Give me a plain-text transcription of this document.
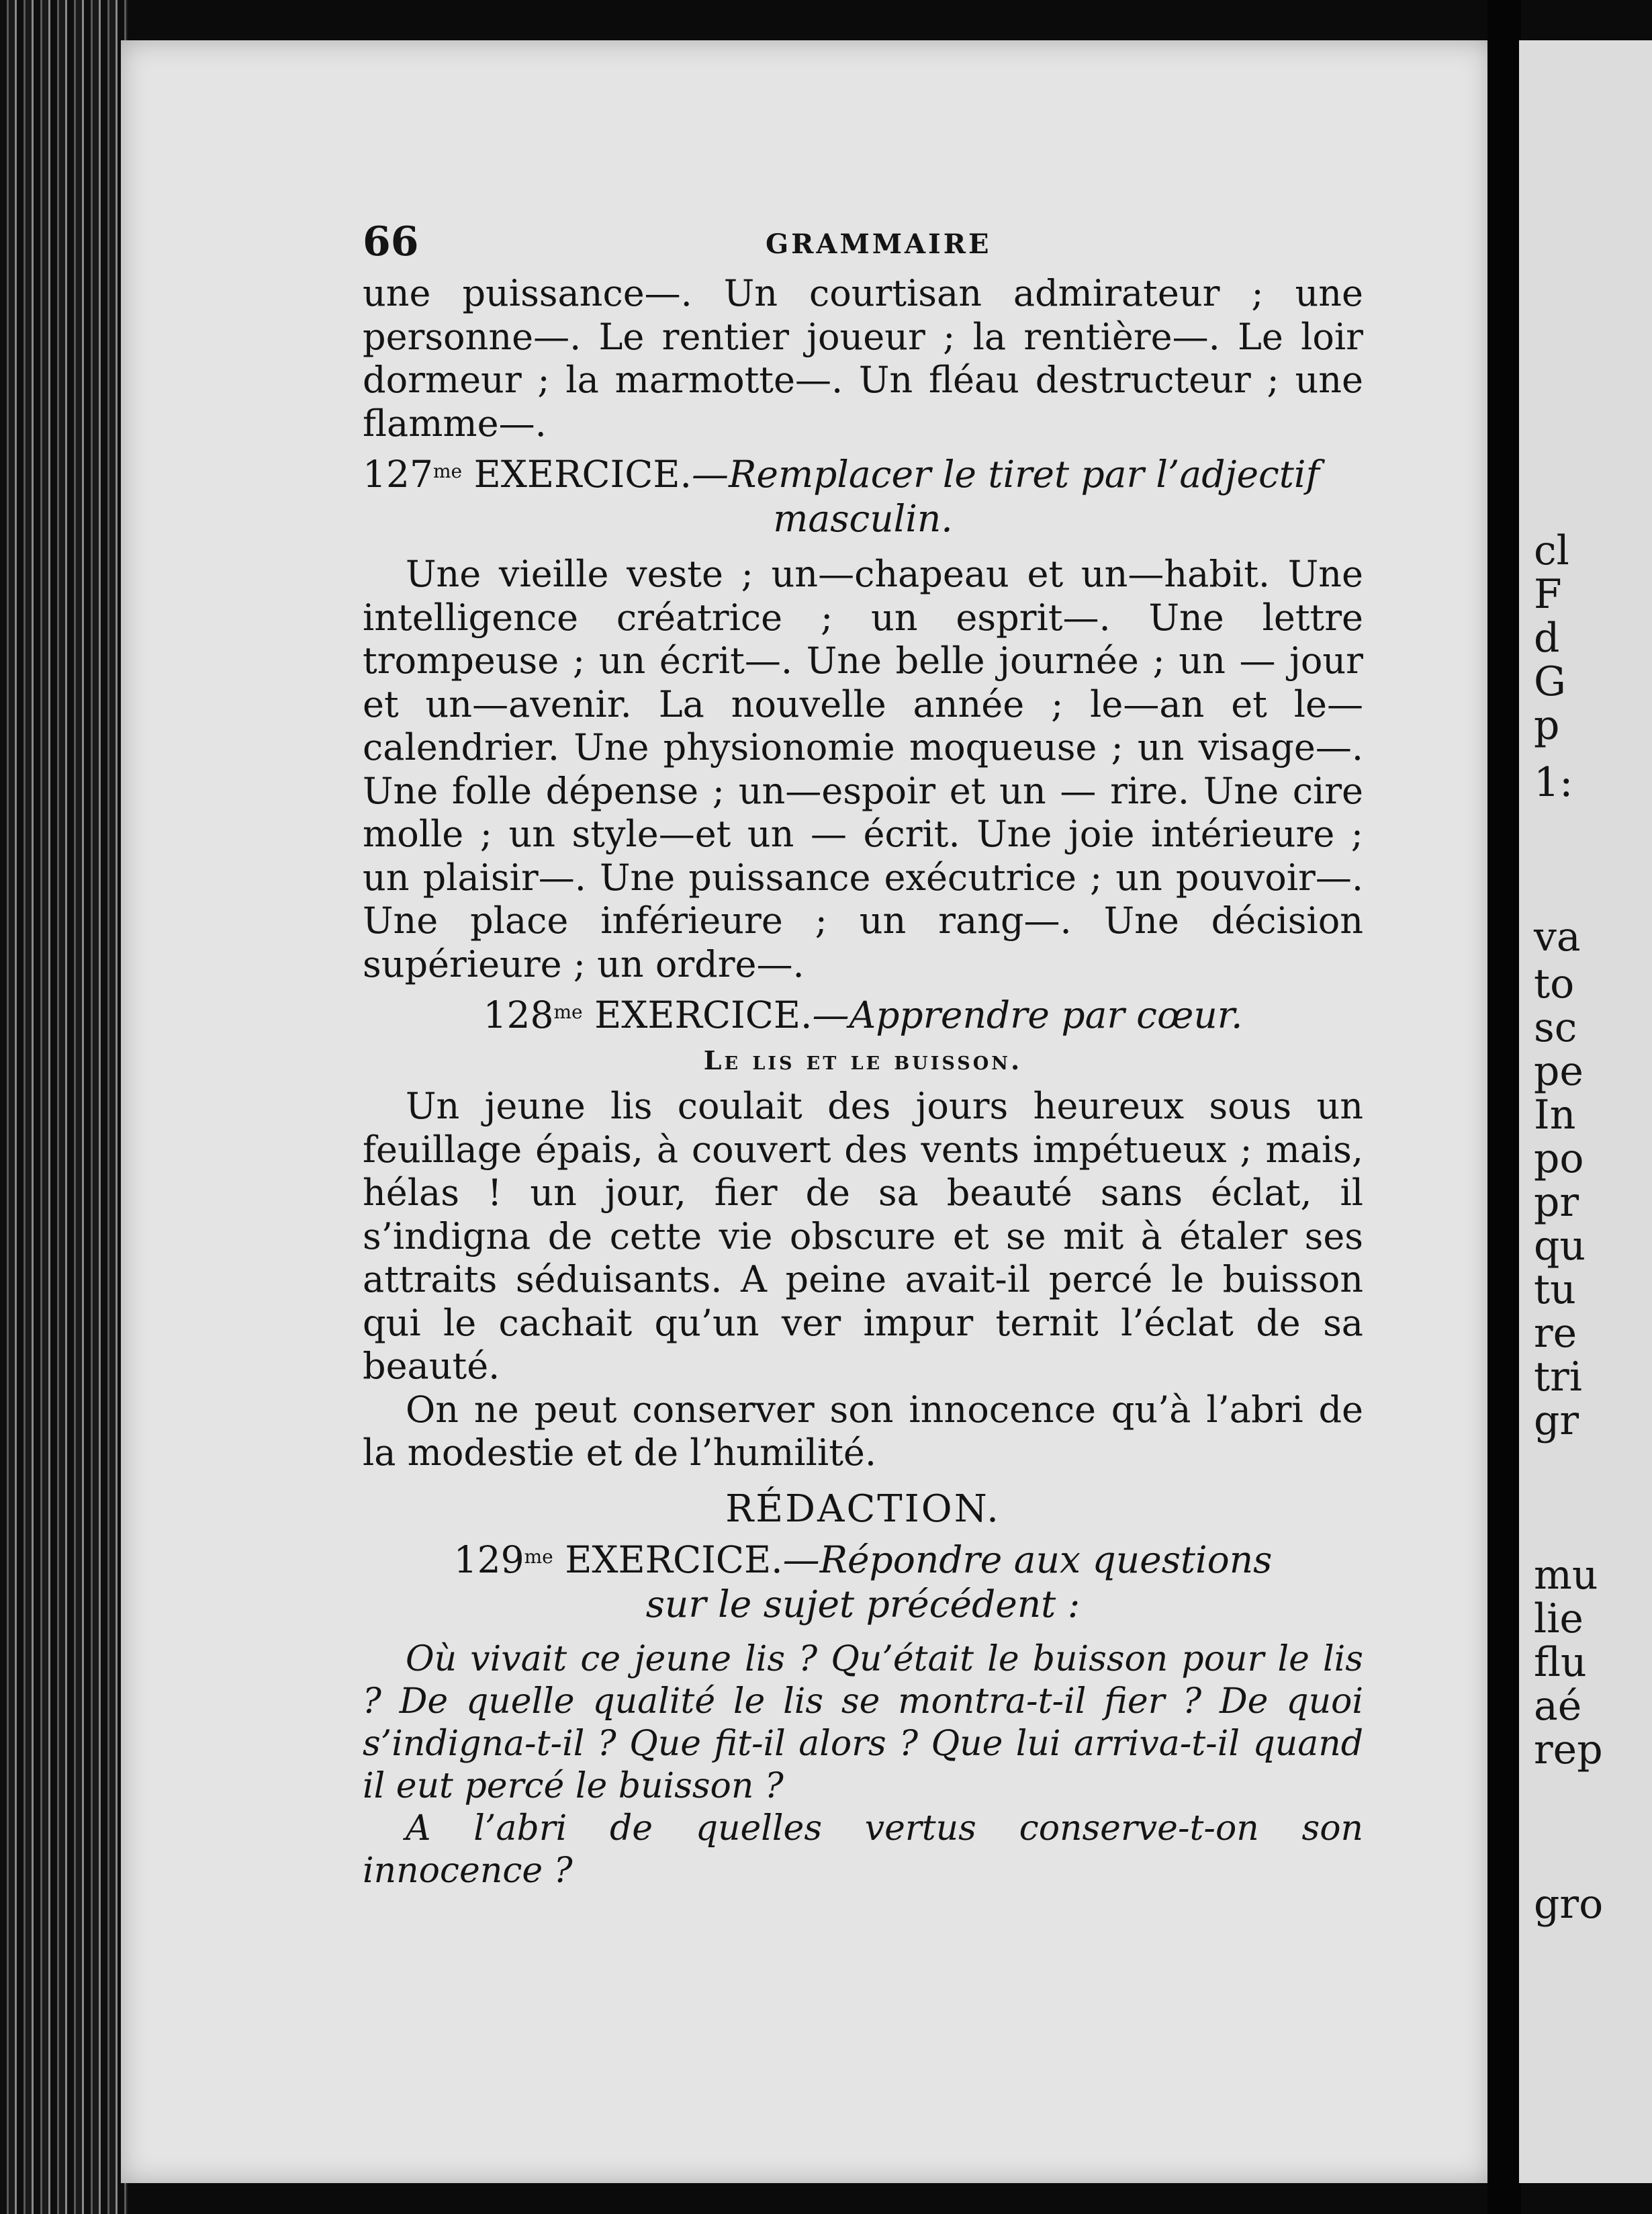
cl
F
d
G
p
1:
va
to
sc
pe
In
po
pr
qu
tu
re
tri
gr
mu
lie
flu
aé
rep
gro
66	GRAMMAIRE

une puissance—. Un courtisan admirateur ; une personne—. Le rentier joueur ; la rentière—. Le loir dormeur ; la marmotte—. Un fléau destructeur ; une flamme—.

$127^{me}$ EXERCICE.—Remplacer le tiret par l’adjectif
masculin.

Une vieille veste ; un—chapeau et un—habit. Une intelligence créatrice ; un esprit—. Une lettre trompeuse ; un écrit—. Une belle journée ; un — jour et un—avenir. La nouvelle année ; le—an et le—calendrier. Une physionomie moqueuse ; un visage—. Une folle dépense ; un—espoir et un — rire. Une cire molle ; un style—et un — écrit. Une joie intérieure ; un plaisir—. Une puissance exécutrice ; un pouvoir—. Une place inférieure ; un rang—. Une décision supérieure ; un ordre—.

$128^{me}$ EXERCICE.—Apprendre par cœur.
Le lis et le buisson.

Un jeune lis coulait des jours heureux sous un feuillage épais, à couvert des vents impétueux ; mais, hélas ! un jour, fier de sa beauté sans éclat, il s’indigna de cette vie obscure et se mit à étaler ses attraits séduisants. A peine avait-il percé le buisson qui le cachait qu’un ver impur ternit l’éclat de sa beauté.

On ne peut conserver son innocence qu’à l’abri de la modestie et de l’humilité.

RÉDACTION.
$129^{me}$ EXERCICE.—Répondre aux questions
sur le sujet précédent :

Où vivait ce jeune lis ? Qu’était le buisson pour le lis ? De quelle qualité le lis se montra-t-il fier ? De quoi s’indigna-t-il ? Que fit-il alors ? Que lui arriva-t-il quand il eut percé le buisson ?

A l’abri de quelles vertus conserve-t-on son innocence ?
